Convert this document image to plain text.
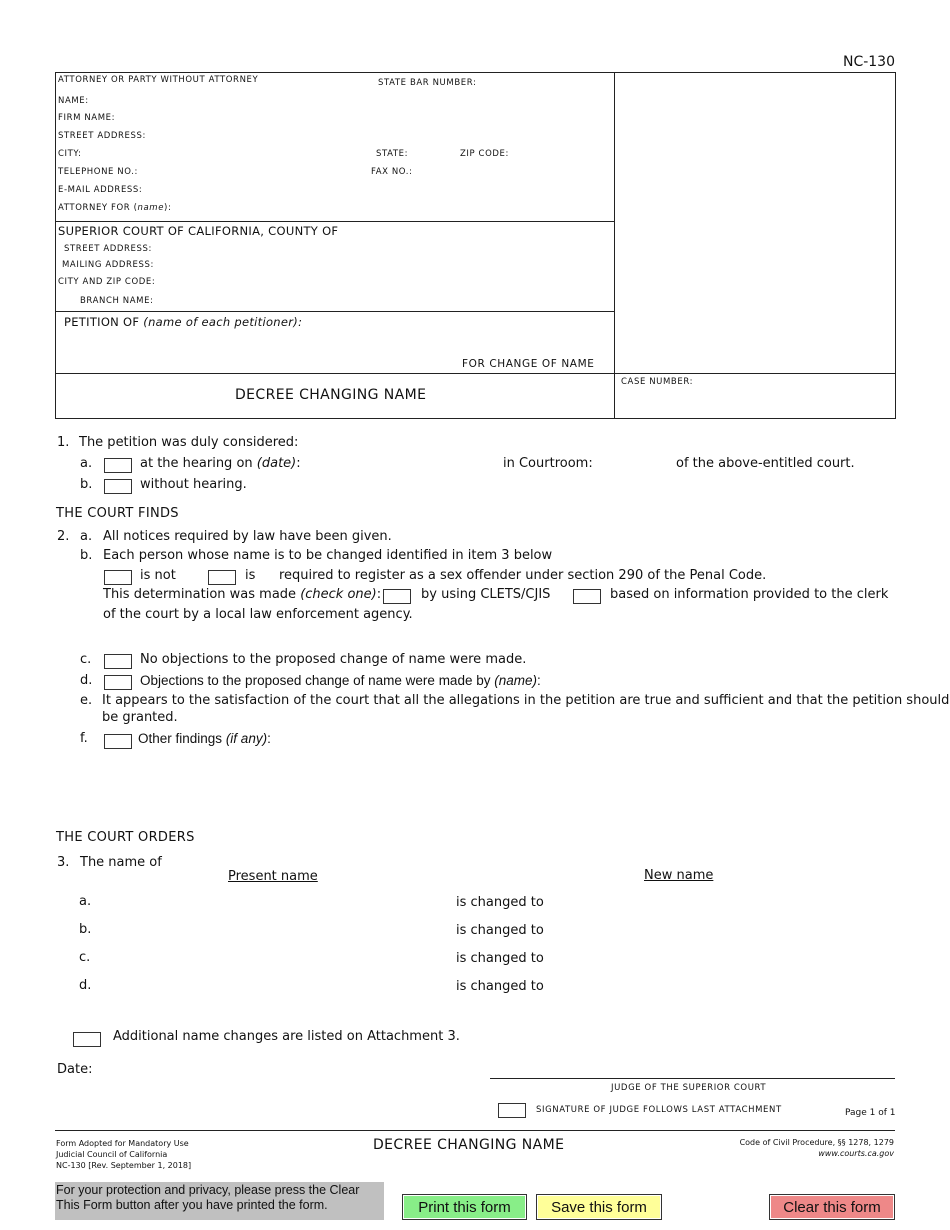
NC-130
ATTORNEY OR PARTY WITHOUT ATTORNEY	STATE BAR NUMBER:
NAME:
FIRM NAME:
STREET ADDRESS:
CITY:	STATE:	ZIP CODE:
TELEPHONE NO.:	FAX NO.:
E-MAIL ADDRESS:
ATTORNEY FOR (name):
SUPERIOR COURT OF CALIFORNIA, COUNTY OF
STREET ADDRESS:
MAILING ADDRESS:
CITY AND ZIP CODE:
BRANCH NAME:
PETITION OF (name of each petitioner):
FOR CHANGE OF NAME
DECREE CHANGING NAME
CASE NUMBER:
1. The petition was duly considered:
a.	at the hearing on (date):	in Courtroom:	of the above-entitled court.
b.	without hearing.
THE COURT FINDS
2. a. All notices required by law have been given.
b. Each person whose name is to be changed identified in item 3 below
is not	is required to register as a sex offender under section 290 of the Penal Code.
This determination was made (check one):	by using CLETS/CJIS	based on information provided to the clerk
of the court by a local law enforcement agency.
c.	No objections to the proposed change of name were made.
d.	Objections to the proposed change of name were made by (name):
e. It appears to the satisfaction of the court that all the allegations in the petition are true and sufficient and that the petition should
be granted.
f.	Other findings (if any):
THE COURT ORDERS
3. The name of
Present name	New name
a.	is changed to
b.	is changed to
c.	is changed to
d.	is changed to
Additional name changes are listed on Attachment 3.
Date:
JUDGE OF THE SUPERIOR COURT
SIGNATURE OF JUDGE FOLLOWS LAST ATTACHMENT	Page 1 of 1
Form Adopted for Mandatory Use
Judicial Council of California
NC-130 [Rev. September 1, 2018]
DECREE CHANGING NAME	Code of Civil Procedure, §§ 1278, 1279
www.courts.ca.gov
For your protection and privacy, please press the Clear
This Form button after you have printed the form.	Print this form	Save this form	Clear this form
